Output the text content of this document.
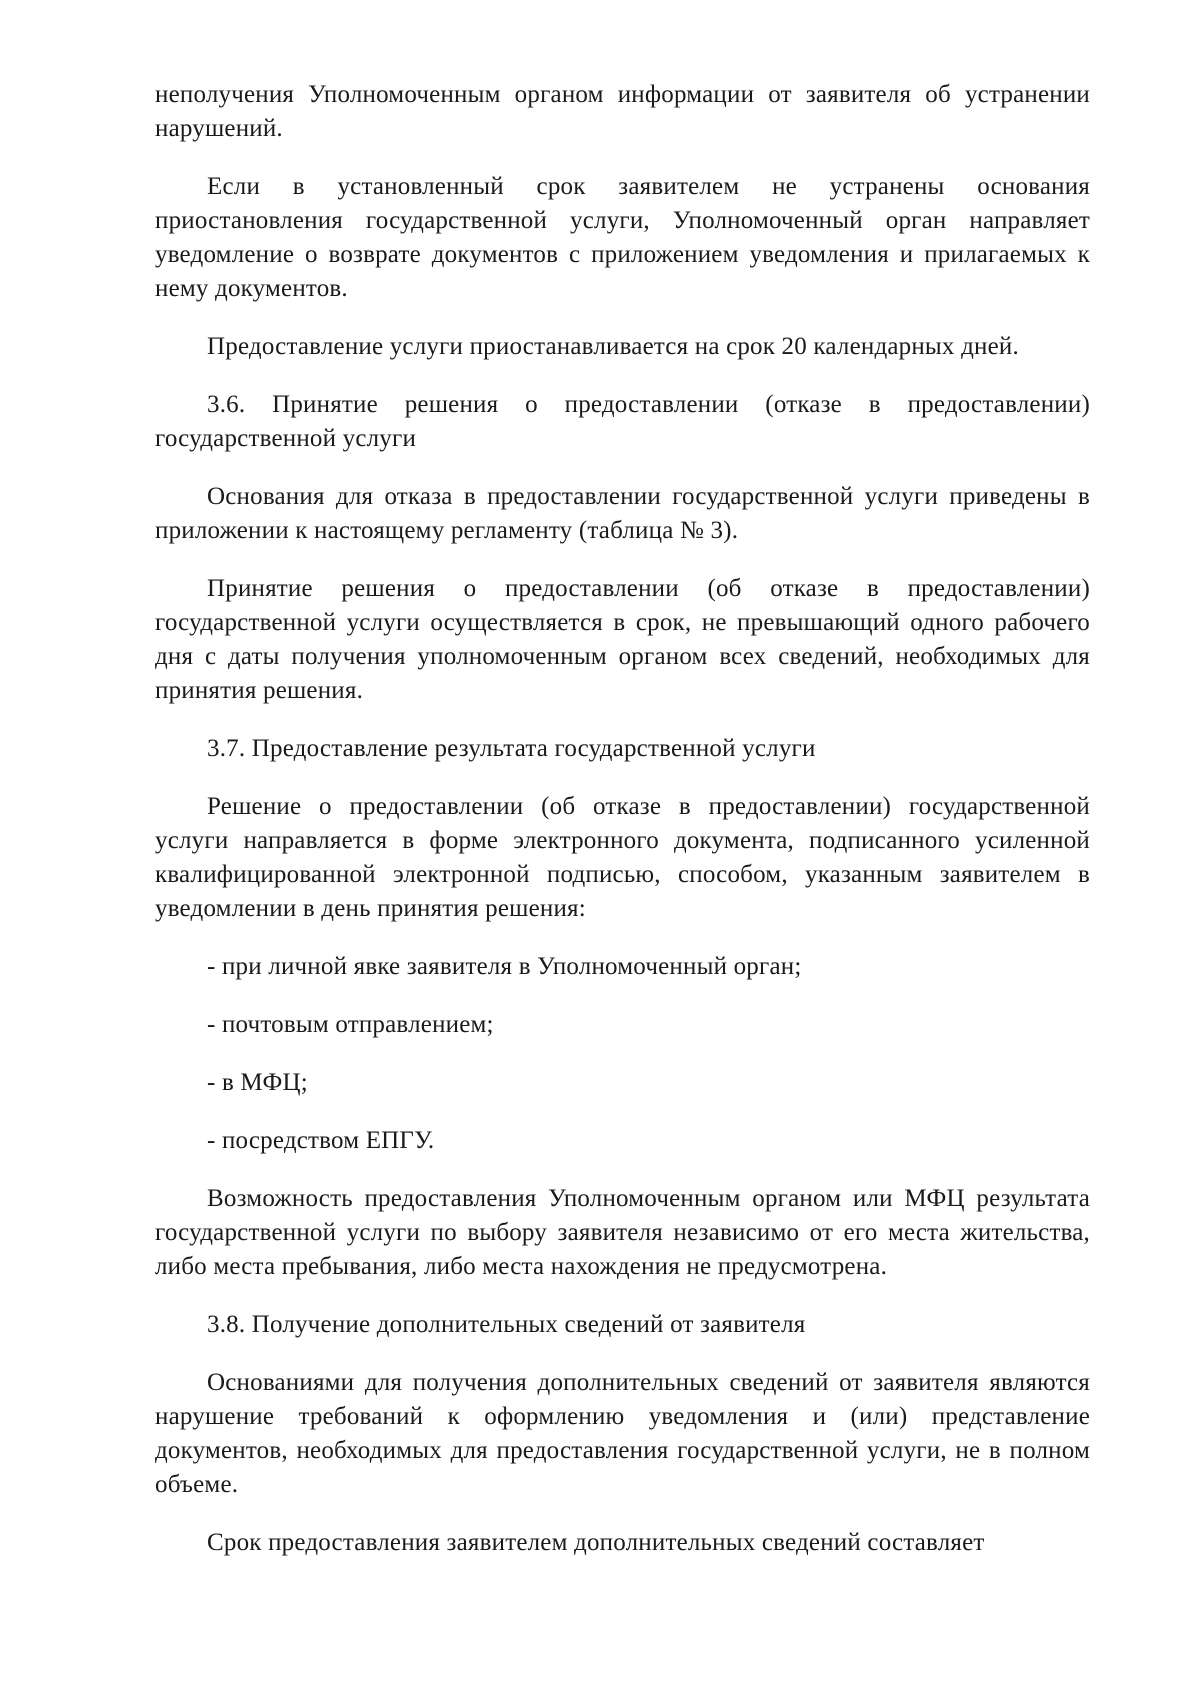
неполучения Уполномоченным органом информации от заявителя об устранении нарушений.

Если в установленный срок заявителем не устранены основания приостановления государственной услуги, Уполномоченный орган направляет уведомление о возврате документов с приложением уведомления и прилагаемых к нему документов.

Предоставление услуги приостанавливается на срок 20 календарных дней.

3.6. Принятие решения о предоставлении (отказе в предоставлении) государственной услуги

Основания для отказа в предоставлении государственной услуги приведены в приложении к настоящему регламенту (таблица № 3).

Принятие решения о предоставлении (об отказе в предоставлении) государственной услуги осуществляется в срок, не превышающий одного рабочего дня с даты получения уполномоченным органом всех сведений, необходимых для принятия решения.

3.7. Предоставление результата государственной услуги

Решение о предоставлении (об отказе в предоставлении) государственной услуги направляется в форме электронного документа, подписанного усиленной квалифицированной электронной подписью, способом, указанным заявителем в уведомлении в день принятия решения:

- при личной явке заявителя в Уполномоченный орган;

- почтовым отправлением;

- в МФЦ;

- посредством ЕПГУ.

Возможность предоставления Уполномоченным органом или МФЦ результата государственной услуги по выбору заявителя независимо от его места жительства, либо места пребывания, либо места нахождения не предусмотрена.

3.8. Получение дополнительных сведений от заявителя

Основаниями для получения дополнительных сведений от заявителя являются нарушение требований к оформлению уведомления и (или) представление документов, необходимых для предоставления государственной услуги, не в полном объеме.

Срок предоставления заявителем дополнительных сведений составляет
